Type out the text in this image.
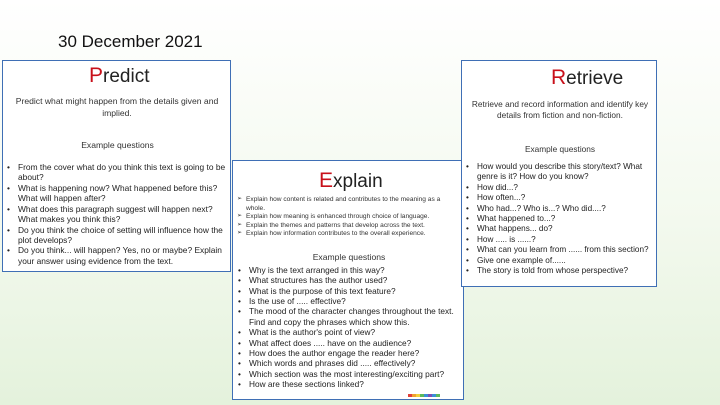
30 December 2021
Predict
Predict what might happen from the details given and implied.
Example questions
• From the cover what do you think this text is going to be about?
• What is happening now? What happened before this? What will happen after?
• What does this paragraph suggest will happen next? What makes you think this?
• Do you think the choice of setting will influence how the plot develops?
• Do you think... will happen? Yes, no or maybe? Explain your answer using evidence from the text.
Explain
➢ Explain how content is related and contributes to the meaning as a whole.
➢ Explain how meaning is enhanced through choice of language.
➢ Explain the themes and patterns that develop across the text.
➢ Explain how information contributes to the overall experience.
Example questions
• Why is the text arranged in this way?
• What structures has the author used?
• What is the purpose of this text feature?
• Is the use of ..... effective?
• The mood of the character changes throughout the text. Find and copy the phrases which show this.
• What is the author's point of view?
• What affect does ..... have on the audience?
• How does the author engage the reader here?
• Which words and phrases did ..... effectively?
• Which section was the most interesting/exciting part?
• How are these sections linked?
Retrieve
Retrieve and record information and identify key details from fiction and non-fiction.
Example questions
• How would you describe this story/text? What genre is it? How do you know?
• How did...?
• How often...?
• Who had...? Who is...? Who did....?
• What happened to...?
• What happens... do?
• How ..... is ......?
• What can you learn from ...... from this section?
• Give one example of......
• The story is told from whose perspective?
